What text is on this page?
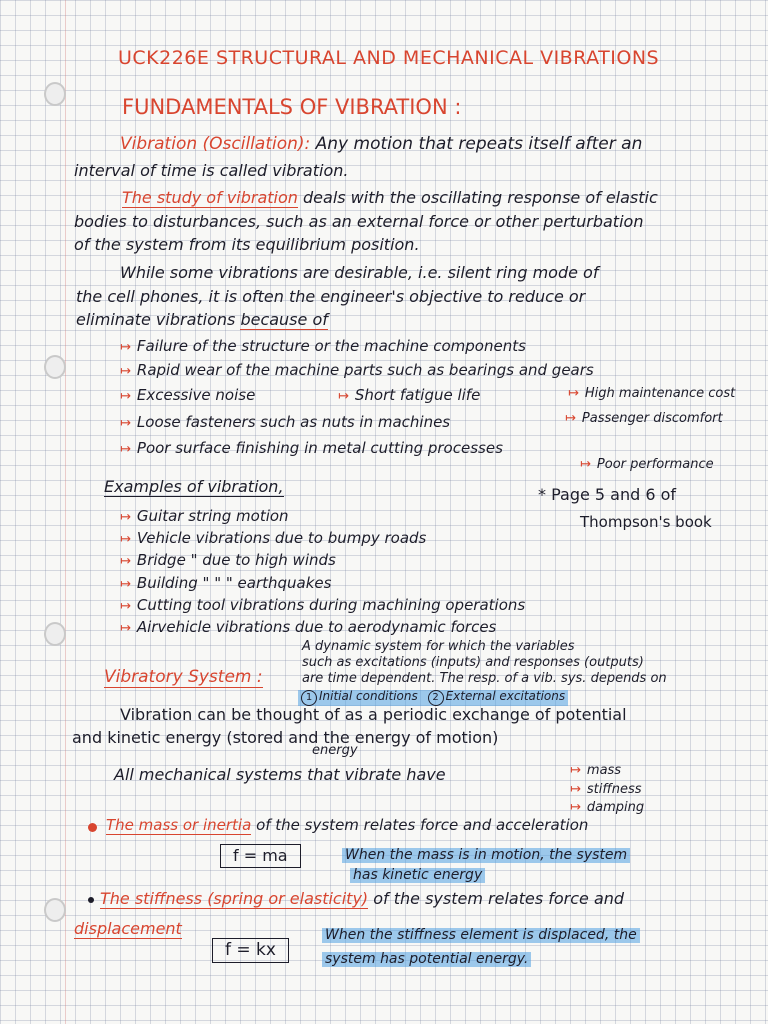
UCK226E STRUCTURAL AND MECHANICAL VIBRATIONS
FUNDAMENTALS OF VIBRATION :
Vibration (Oscillation): Any motion that repeats itself after an
interval of time is called vibration.
The study of vibration deals with the oscillating response of elastic
bodies to disturbances, such as an external force or other perturbation
of the system from its equilibrium position.
While some vibrations are desirable, i.e. silent ring mode of
the cell phones, it is often the engineer's objective to reduce or
eliminate vibrations because of
↦ Failure of the structure or the machine components
↦ Rapid wear of the machine parts such as bearings and gears
↦ Excessive noise	↦ Short fatigue life	↦ High maintenance cost
↦ Loose fasteners such as nuts in machines	↦ Passenger discomfort
↦ Poor surface finishing in metal cutting processes
↦ Poor performance
Examples of vibration,	* Page 5 and 6 of
Thompson's book
↦ Guitar string motion
↦ Vehicle vibrations due to bumpy roads
↦ Bridge " due to high winds
↦ Building " " " earthquakes
↦ Cutting tool vibrations during machining operations
↦ Airvehicle vibrations due to aerodynamic forces
A dynamic system for which the variables
Vibratory System :
such as excitations (inputs) and responses (outputs)
are time dependent. The resp. of a vib. sys. depends on
1 Initial conditions 2 External excitations
Vibration can be thought of as a periodic exchange of potential
and kinetic energy (stored and the energy of motion)
energy
All mechanical systems that vibrate have	↦ mass
↦ stiffness
↦ damping
The mass or inertia of the system relates force and acceleration
f = ma	When the mass is in motion, the system
has kinetic energy
The stiffness (spring or elasticity) of the system relates force and
displacement
f = kx
When the stiffness element is displaced, the
system has potential energy.
